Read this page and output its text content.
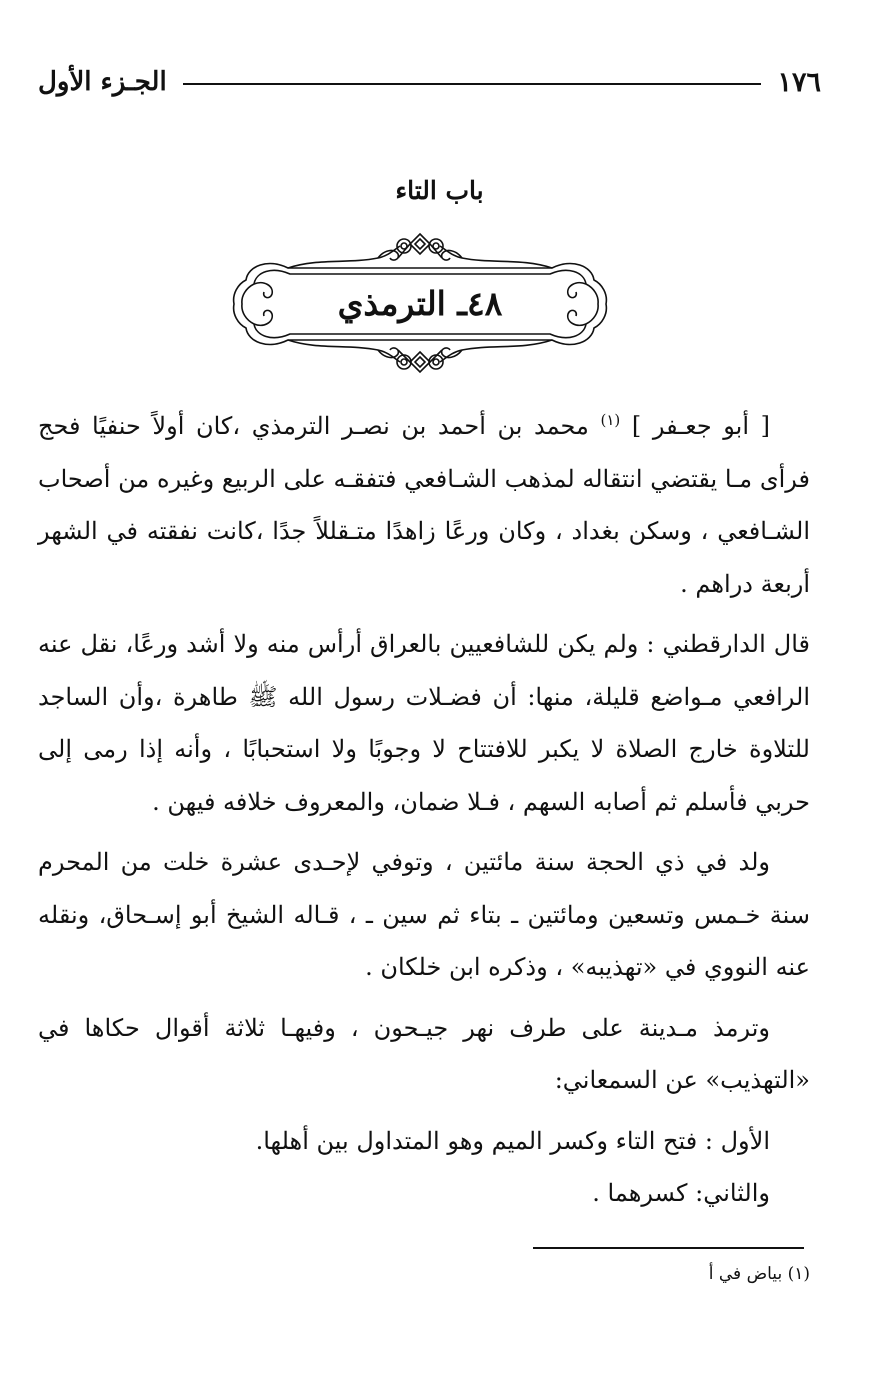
١٧٦
الجـزء الأول
باب التاء
٤٨ـ الترمذي

[ أبو جعـفر ] $^{(١)}$ محمد بن أحمد بن نصـر الترمذي ،كان أولاً حنفيًا فحج فرأى مـا يقتضي انتقاله لمذهب الشـافعي فتفقـه على الربيع وغيره من أصحاب الشـافعي ، وسكن بغداد ، وكان ورعًا زاهدًا متـقللاً جدًا ،كانت نفقته في الشهر أربعة دراهم .

قال الدارقطني : ولم يكن للشافعيين بالعراق أرأس منه ولا أشد ورعًا، نقل عنه الرافعي مـواضع قليلة، منها: أن فضـلات رسول الله ﷺ طاهرة ،وأن الساجد للتلاوة خارج الصلاة لا يكبر للافتتاح لا وجوبًا ولا استحبابًا ، وأنه إذا رمى إلى حربي فأسلم ثم أصابه السهم ، فـلا ضمان، والمعروف خلافه فيهن .

ولد في ذي الحجة سنة مائتين ، وتوفي لإحـدى عشرة خلت من المحرم سنة خـمس وتسعين ومائتين ـ بتاء ثم سين ـ ، قـاله الشيخ أبو إسـحاق، ونقله عنه النووي في «تهذيبه» ، وذكره ابن خلكان .

وترمذ مـدينة على طرف نهر جيـحون ، وفيهـا ثلاثة أقوال حكاها في «التهذيب» عن السمعاني:

الأول : فتح التاء وكسر الميم وهو المتداول بين أهلها.

والثاني: كسرهما .

(١) بياض في أ
